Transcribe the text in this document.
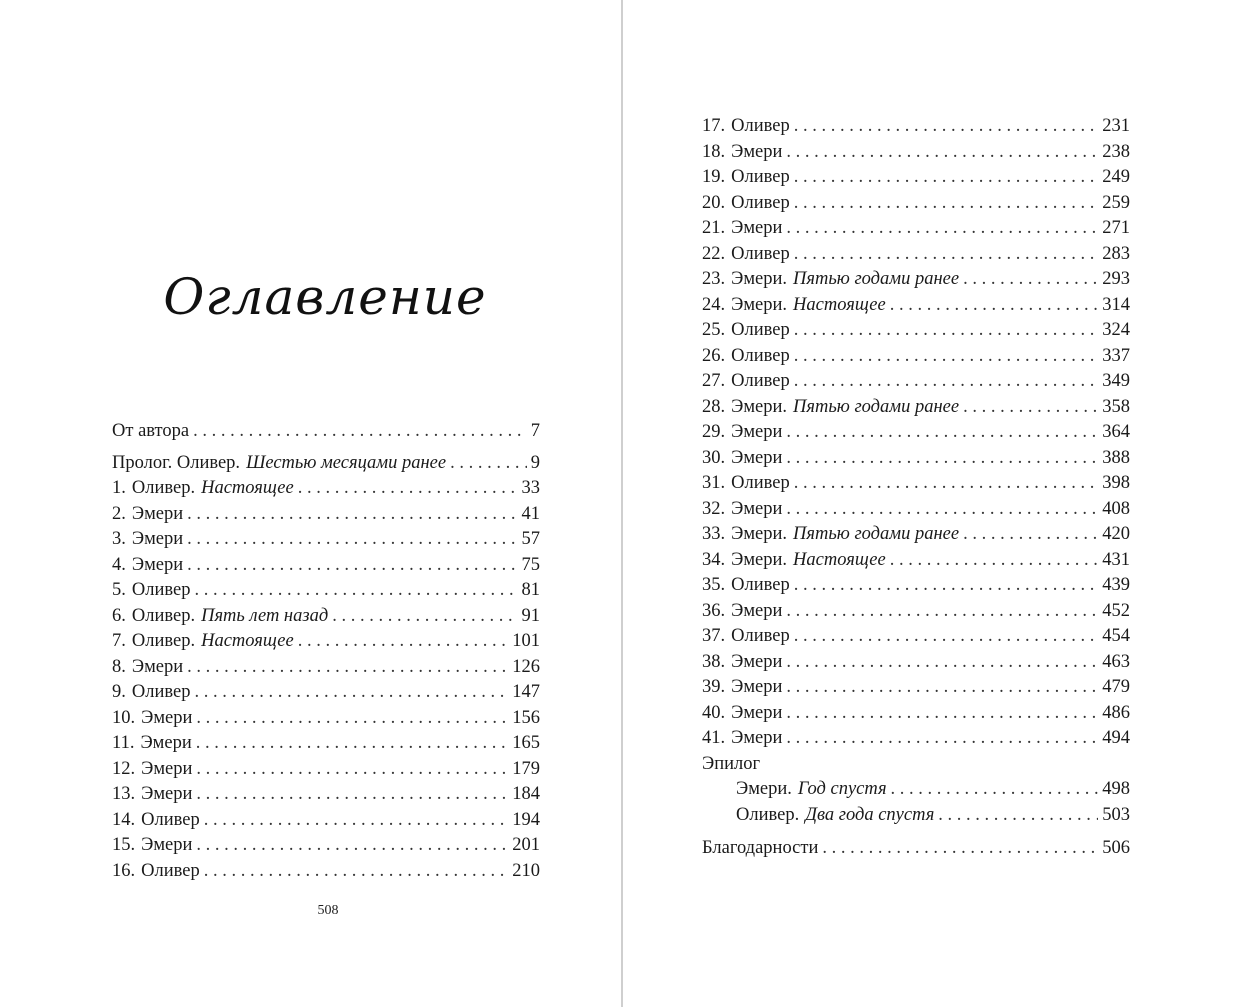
Оглавление
От автора . . .	7
Пролог. Оливер. Шестью месяцами ранее . . .	9
1. Оливер. Настоящее . . .	33
2. Эмери . . .	41
3. Эмери . . .	57
4. Эмери . . .	75
5. Оливер . . .	81
6. Оливер. Пять лет назад . . .	91
7. Оливер. Настоящее . . .	101
8. Эмери . . .	126
9. Оливер . . .	147
10. Эмери . . .	156
11. Эмери . . .	165
12. Эмери . . .	179
13. Эмери . . .	184
14. Оливер . . .	194
15. Эмери . . .	201
16. Оливер . . .	210
17. Оливер . . .	231
18. Эмери . . .	238
19. Оливер . . .	249
20. Оливер . . .	259
21. Эмери . . .	271
22. Оливер . . .	283
23. Эмери. Пятью годами ранее . . .	293
24. Эмери. Настоящее . . .	314
25. Оливер . . .	324
26. Оливер . . .	337
27. Оливер . . .	349
28. Эмери. Пятью годами ранее . . .	358
29. Эмери . . .	364
30. Эмери . . .	388
31. Оливер . . .	398
32. Эмери . . .	408
33. Эмери. Пятью годами ранее . . .	420
34. Эмери. Настоящее . . .	431
35. Оливер . . .	439
36. Эмери . . .	452
37. Оливер . . .	454
38. Эмери . . .	463
39. Эмери . . .	479
40. Эмери . . .	486
41. Эмери . . .	494
Эпилог
Эмери. Год спустя . . .	498
Оливер. Два года спустя . . .	503
Благодарности . . .	506
508
